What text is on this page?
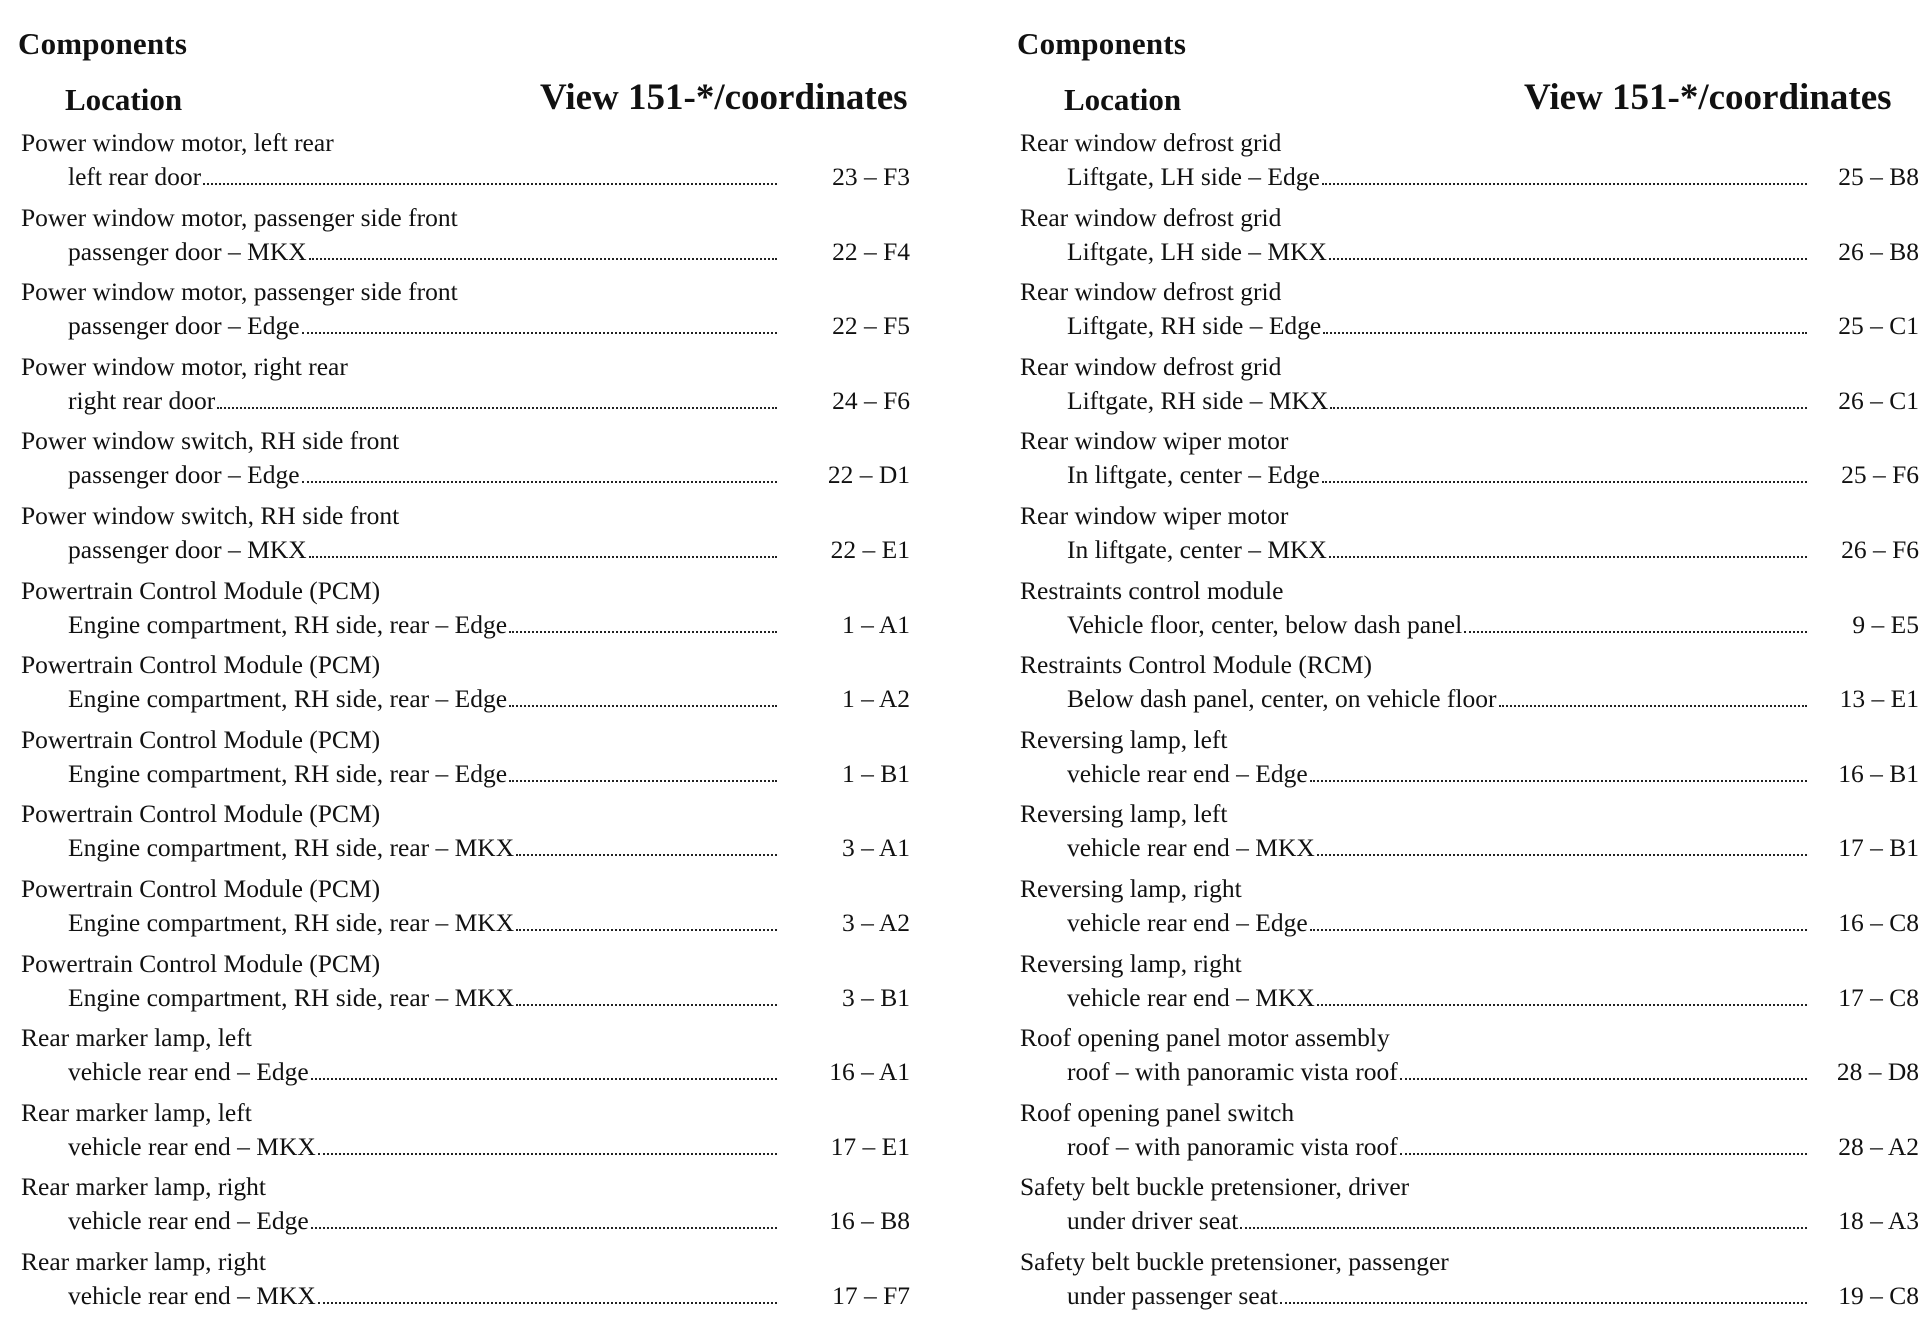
Components
Location	View 151-*/coordinates
Power window motor, left rear
left rear door	23 – F3
Power window motor, passenger side front
passenger door – MKX	22 – F4
Power window motor, passenger side front
passenger door – Edge	22 – F5
Power window motor, right rear
right rear door	24 – F6
Power window switch, RH side front
passenger door – Edge	22 – D1
Power window switch, RH side front
passenger door – MKX	22 – E1
Powertrain Control Module (PCM)
Engine compartment, RH side, rear – Edge	1 – A1
Powertrain Control Module (PCM)
Engine compartment, RH side, rear – Edge	1 – A2
Powertrain Control Module (PCM)
Engine compartment, RH side, rear – Edge	1 – B1
Powertrain Control Module (PCM)
Engine compartment, RH side, rear – MKX	3 – A1
Powertrain Control Module (PCM)
Engine compartment, RH side, rear – MKX	3 – A2
Powertrain Control Module (PCM)
Engine compartment, RH side, rear – MKX	3 – B1
Rear marker lamp, left
vehicle rear end – Edge	16 – A1
Rear marker lamp, left
vehicle rear end – MKX	17 – E1
Rear marker lamp, right
vehicle rear end – Edge	16 – B8
Rear marker lamp, right
vehicle rear end – MKX	17 – F7
Components
Location	View 151-*/coordinates
Rear window defrost grid
Liftgate, LH side – Edge	25 – B8
Rear window defrost grid
Liftgate, LH side – MKX	26 – B8
Rear window defrost grid
Liftgate, RH side – Edge	25 – C1
Rear window defrost grid
Liftgate, RH side – MKX	26 – C1
Rear window wiper motor
In liftgate, center – Edge	25 – F6
Rear window wiper motor
In liftgate, center – MKX	26 – F6
Restraints control module
Vehicle floor, center, below dash panel	9 – E5
Restraints Control Module (RCM)
Below dash panel, center, on vehicle floor	13 – E1
Reversing lamp, left
vehicle rear end – Edge	16 – B1
Reversing lamp, left
vehicle rear end – MKX	17 – B1
Reversing lamp, right
vehicle rear end – Edge	16 – C8
Reversing lamp, right
vehicle rear end – MKX	17 – C8
Roof opening panel motor assembly
roof – with panoramic vista roof	28 – D8
Roof opening panel switch
roof – with panoramic vista roof	28 – A2
Safety belt buckle pretensioner, driver
under driver seat	18 – A3
Safety belt buckle pretensioner, passenger
under passenger seat	19 – C8
